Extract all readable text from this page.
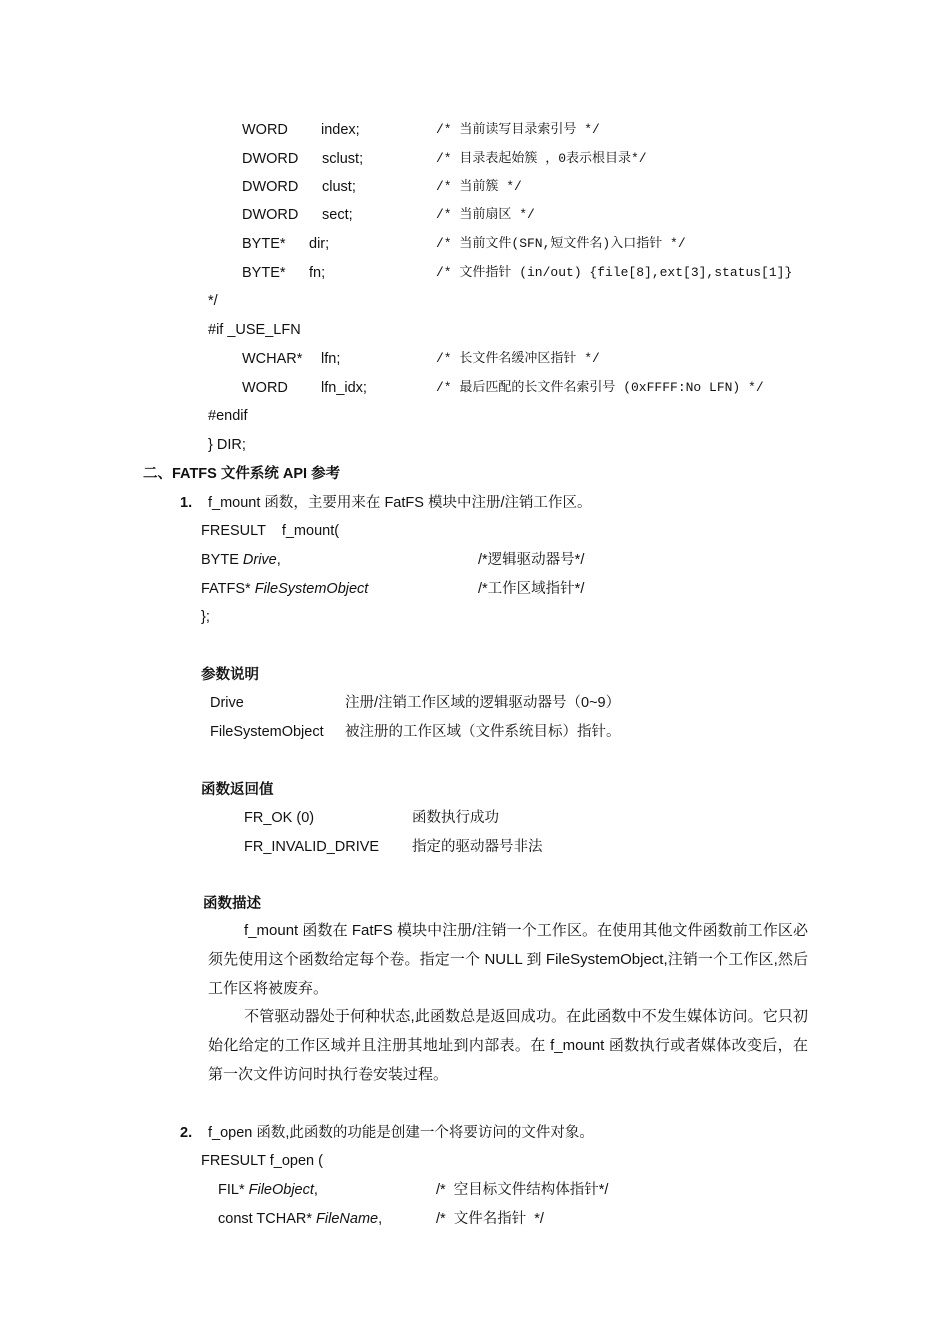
WORD index;	/* 当前读写目录索引号 */
DWORD sclust;	/* 目录表起始簇 ，0表示根目录*/
DWORD clust;	/* 当前簇 */
DWORD sect;	/* 当前扇区 */
BYTE* dir;	/* 当前文件(SFN,短文件名)入口指针 */
BYTE* fn;	/* 文件指针 (in/out) {file[8],ext[3],status[1]}
*/
#if _USE_LFN
WCHAR* lfn;	/* 长文件名缓冲区指针 */
WORD lfn_idx;	/* 最后匹配的长文件名索引号 (0xFFFF:No LFN) */
#endif
} DIR;
二、FATFS 文件系统 API 参考
1. f_mount 函数，主要用来在 FatFS 模块中注册/注销工作区。
FRESULT    f_mount(
BYTE Drive,	/*逻辑驱动器号*/
FATFS* FileSystemObject	/*工作区域指针*/
};
参数说明
Drive	注册/注销工作区域的逻辑驱动器号（0~9）
FileSystemObject 被注册的工作区域（文件系统目标）指针。
函数返回值
FR_OK (0)	函数执行成功
FR_INVALID_DRIVE 指定的驱动器号非法
函数描述
f_mount 函数在 FatFS 模块中注册/注销一个工作区。在使用其他文件函数前工作区必须先使用这个函数给定每个卷。指定一个 NULL 到 FileSystemObject,注销一个工作区,然后工作区将被废弃。
不管驱动器处于何种状态,此函数总是返回成功。在此函数中不发生媒体访问。它只初始化给定的工作区域并且注册其地址到内部表。在 f_mount 函数执行或者媒体改变后，在第一次文件访问时执行卷安装过程。
2. f_open 函数,此函数的功能是创建一个将要访问的文件对象。
FRESULT f_open (
FIL* FileObject,	/*  空目标文件结构体指针*/
const TCHAR* FileName,	/*  文件名指针  */
